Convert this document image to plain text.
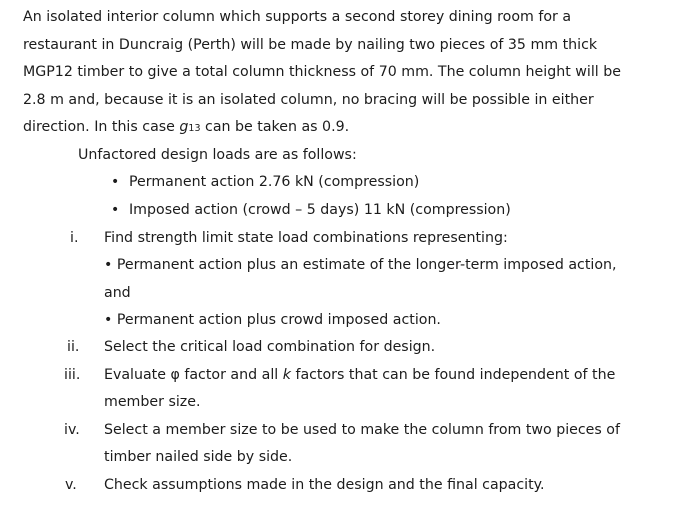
An isolated interior column which supports a second storey dining room for a
restaurant in Duncraig (Perth) will be made by nailing two pieces of 35 mm thick
MGP12 timber to give a total column thickness of 70 mm. The column height will be
2.8 m and, because it is an isolated column, no bracing will be possible in either
direction. In this case g13 can be taken as 0.9.
Unfactored design loads are as follows:
• Permanent action 2.76 kN (compression)
• Imposed action (crowd – 5 days) 11 kN (compression)
i. Find strength limit state load combinations representing:
• Permanent action plus an estimate of the longer-term imposed action,
and
• Permanent action plus crowd imposed action.
ii. Select the critical load combination for design.
iii. Evaluate φ factor and all k factors that can be found independent of the
member size.
iv. Select a member size to be used to make the column from two pieces of
timber nailed side by side.
v. Check assumptions made in the design and the final capacity.
